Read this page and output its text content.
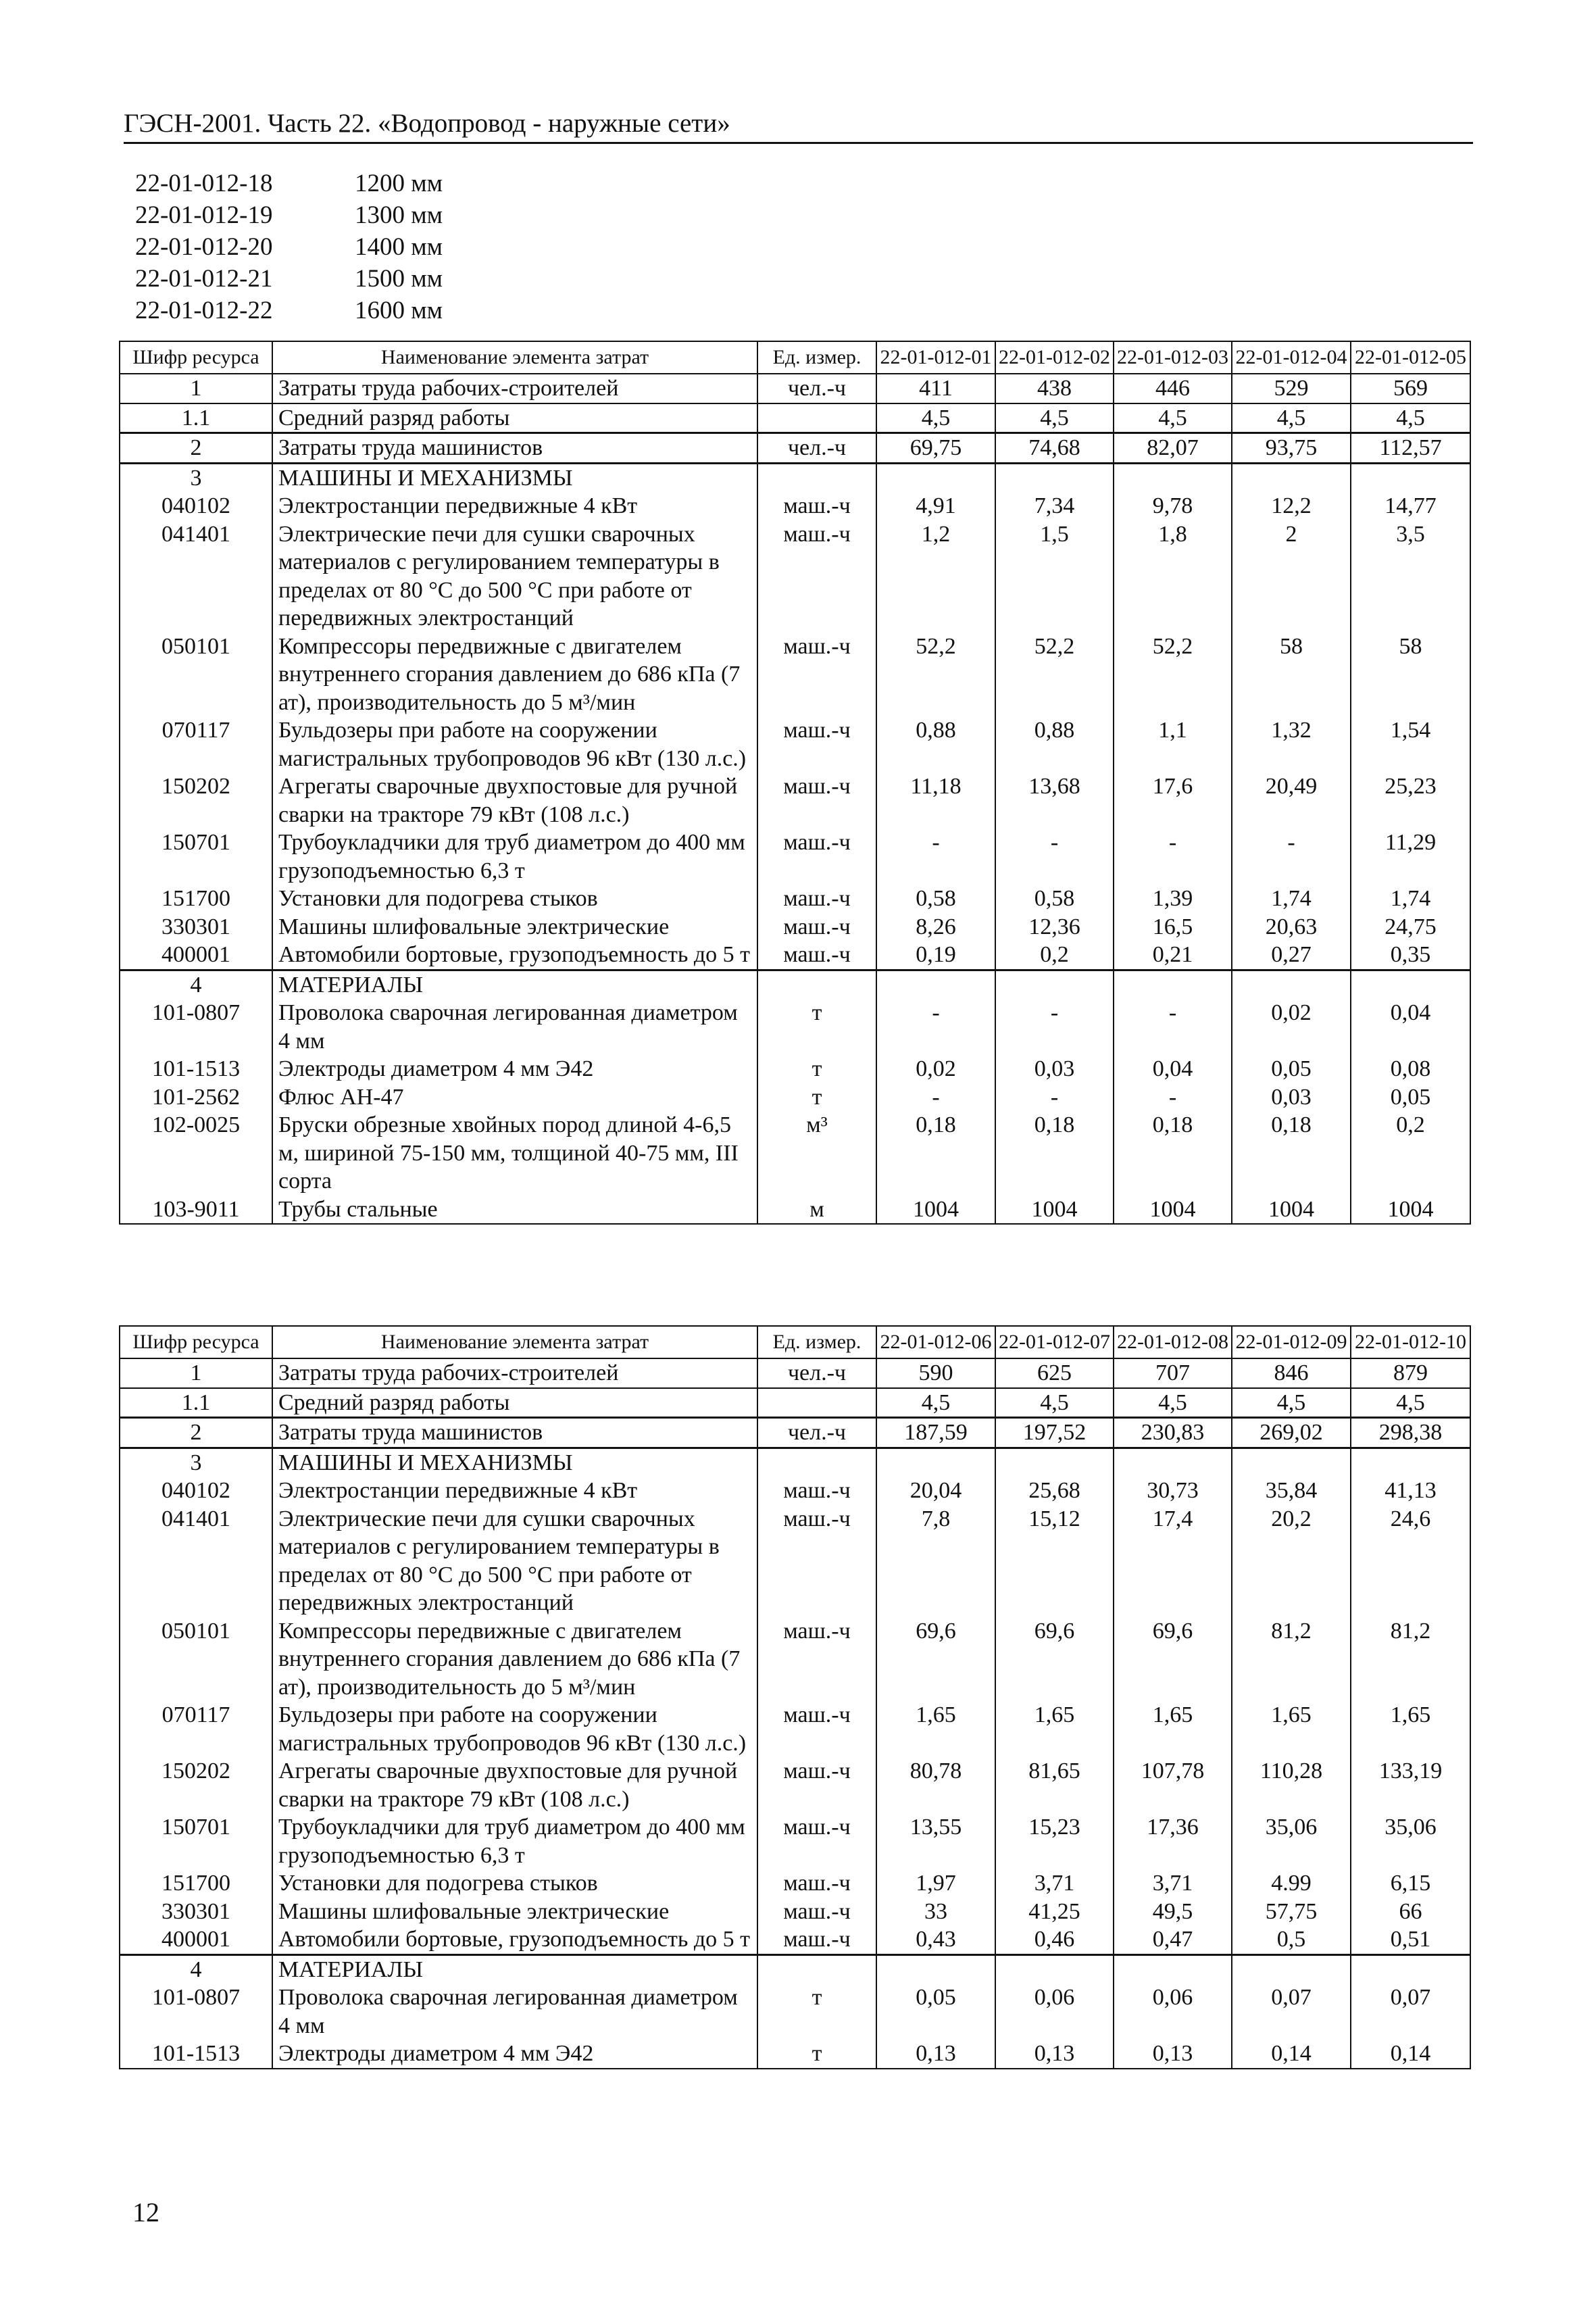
ГЭСН-2001. Часть 22. «Водопровод - наружные сети»
22-01-012-18	1200 мм
22-01-012-19	1300 мм
22-01-012-20	1400 мм
22-01-012-21	1500 мм
22-01-012-22	1600 мм
Шифр ресурса	Наименование элемента затрат	Ед. измер.	22-01-012-01	22-01-012-02	22-01-012-03	22-01-012-04	22-01-012-05
1	Затраты труда рабочих-строителей	чел.-ч	411	438	446	529	569
1.1	Средний разряд работы		4,5	4,5	4,5	4,5	4,5
2	Затраты труда машинистов	чел.-ч	69,75	74,68	82,07	93,75	112,57
3	МАШИНЫ И МЕХАНИЗМЫ						
040102	Электростанции передвижные 4 кВт	маш.-ч	4,91	7,34	9,78	12,2	14,77
041401	Электрические печи для сушки сварочных материалов с регулированием температуры в пределах от 80 °С до 500 °С при работе от передвижных электростанций	маш.-ч	1,2	1,5	1,8	2	3,5
050101	Компрессоры передвижные с двигателем внутреннего сгорания давлением до 686 кПа (7 ат), производительность до 5 м³/мин	маш.-ч	52,2	52,2	52,2	58	58
070117	Бульдозеры при работе на сооружении магистральных трубопроводов 96 кВт (130 л.с.)	маш.-ч	0,88	0,88	1,1	1,32	1,54
150202	Агрегаты сварочные двухпостовые для ручной сварки на тракторе 79 кВт (108 л.с.)	маш.-ч	11,18	13,68	17,6	20,49	25,23
150701	Трубоукладчики для труб диаметром до 400 мм грузоподъемностью 6,3 т	маш.-ч	-	-	-	-	11,29
151700	Установки для подогрева стыков	маш.-ч	0,58	0,58	1,39	1,74	1,74
330301	Машины шлифовальные электрические	маш.-ч	8,26	12,36	16,5	20,63	24,75
400001	Автомобили бортовые, грузоподъемность до 5 т	маш.-ч	0,19	0,2	0,21	0,27	0,35
4	МАТЕРИАЛЫ						
101-0807	Проволока сварочная легированная диаметром 4 мм	т	-	-	-	0,02	0,04
101-1513	Электроды диаметром 4 мм Э42	т	0,02	0,03	0,04	0,05	0,08
101-2562	Флюс АН-47	т	-	-	-	0,03	0,05
102-0025	Бруски обрезные хвойных пород длиной 4-6,5 м, шириной 75-150 мм, толщиной 40-75 мм, III сорта	м³	0,18	0,18	0,18	0,18	0,2
103-9011	Трубы стальные	м	1004	1004	1004	1004	1004
Шифр ресурса	Наименование элемента затрат	Ед. измер.	22-01-012-06	22-01-012-07	22-01-012-08	22-01-012-09	22-01-012-10
1	Затраты труда рабочих-строителей	чел.-ч	590	625	707	846	879
1.1	Средний разряд работы		4,5	4,5	4,5	4,5	4,5
2	Затраты труда машинистов	чел.-ч	187,59	197,52	230,83	269,02	298,38
3	МАШИНЫ И МЕХАНИЗМЫ						
040102	Электростанции передвижные 4 кВт	маш.-ч	20,04	25,68	30,73	35,84	41,13
041401	Электрические печи для сушки сварочных материалов с регулированием температуры в пределах от 80 °С до 500 °С при работе от передвижных электростанций	маш.-ч	7,8	15,12	17,4	20,2	24,6
050101	Компрессоры передвижные с двигателем внутреннего сгорания давлением до 686 кПа (7 ат), производительность до 5 м³/мин	маш.-ч	69,6	69,6	69,6	81,2	81,2
070117	Бульдозеры при работе на сооружении магистральных трубопроводов 96 кВт (130 л.с.)	маш.-ч	1,65	1,65	1,65	1,65	1,65
150202	Агрегаты сварочные двухпостовые для ручной сварки на тракторе 79 кВт (108 л.с.)	маш.-ч	80,78	81,65	107,78	110,28	133,19
150701	Трубоукладчики для труб диаметром до 400 мм грузоподъемностью 6,3 т	маш.-ч	13,55	15,23	17,36	35,06	35,06
151700	Установки для подогрева стыков	маш.-ч	1,97	3,71	3,71	4.99	6,15
330301	Машины шлифовальные электрические	маш.-ч	33	41,25	49,5	57,75	66
400001	Автомобили бортовые, грузоподъемность до 5 т	маш.-ч	0,43	0,46	0,47	0,5	0,51
4	МАТЕРИАЛЫ						
101-0807	Проволока сварочная легированная диаметром 4 мм	т	0,05	0,06	0,06	0,07	0,07
101-1513	Электроды диаметром 4 мм Э42	т	0,13	0,13	0,13	0,14	0,14
12
